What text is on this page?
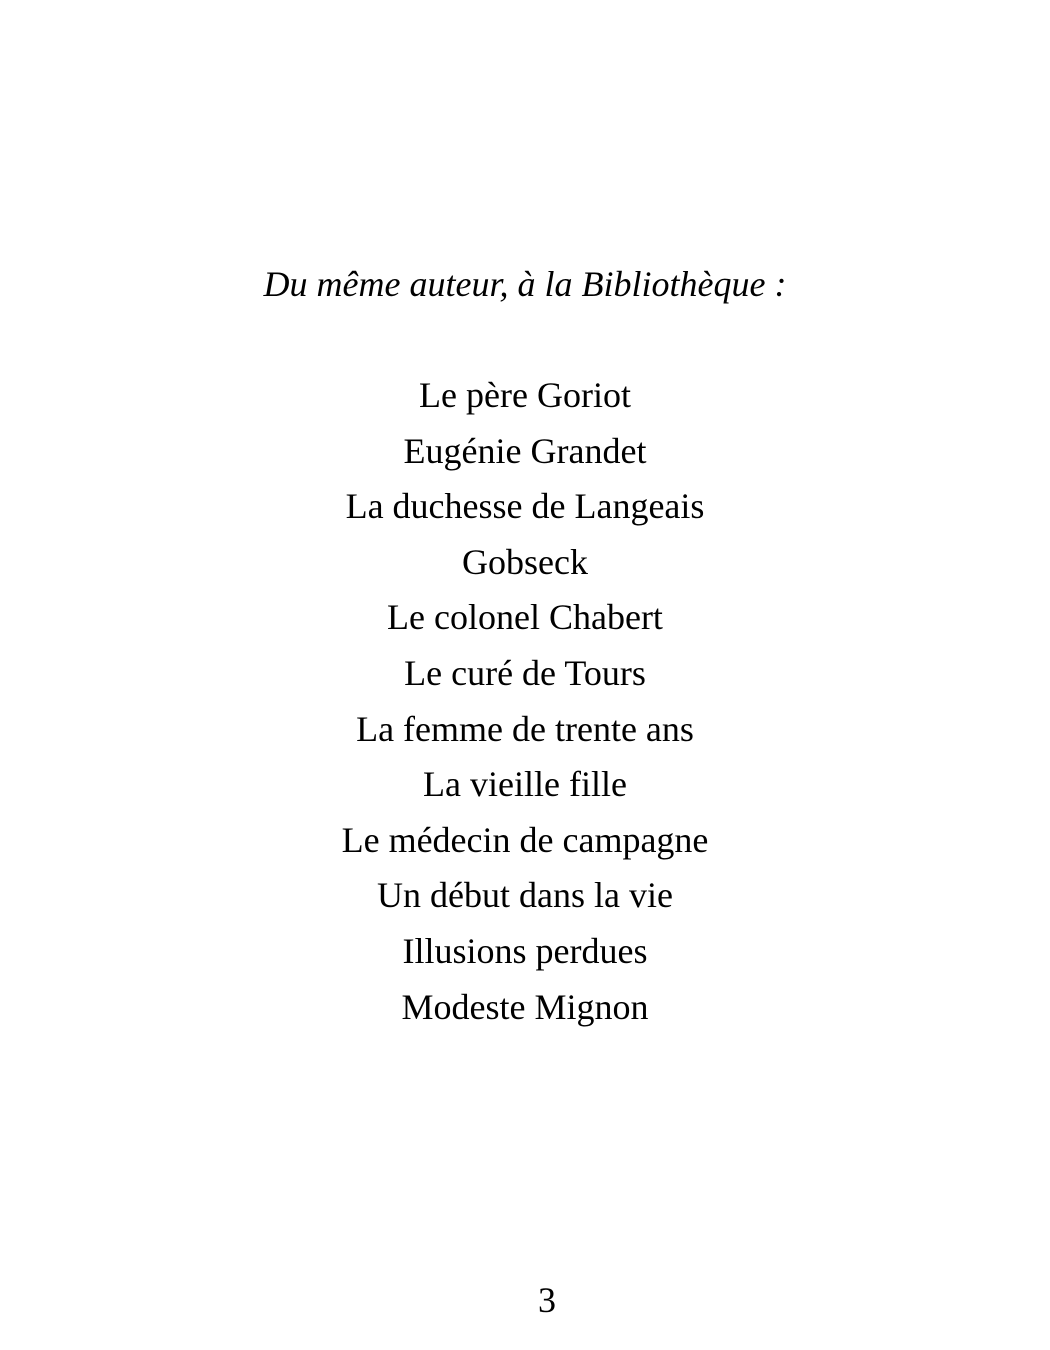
Du même auteur, à la Bibliothèque :
Le père Goriot
Eugénie Grandet
La duchesse de Langeais
Gobseck
Le colonel Chabert
Le curé de Tours
La femme de trente ans
La vieille fille
Le médecin de campagne
Un début dans la vie
Illusions perdues
Modeste Mignon
3
